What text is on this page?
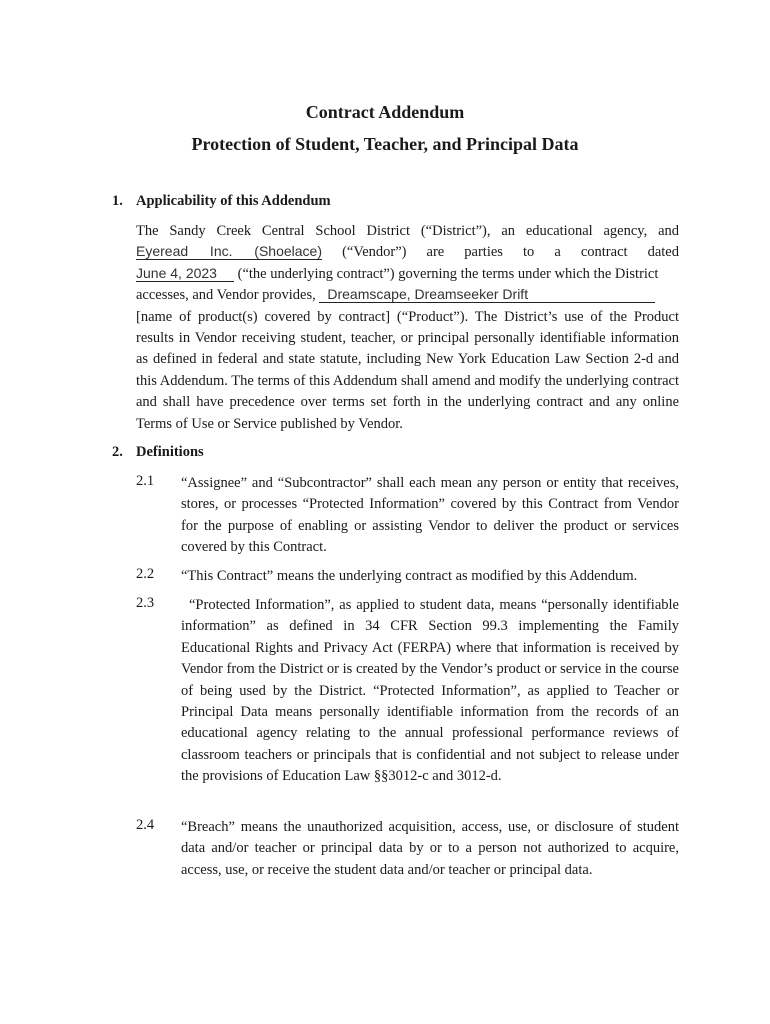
Contract Addendum
Protection of Student, Teacher, and Principal Data
1. Applicability of this Addendum
The Sandy Creek Central School District (“District”), an educational agency, and
Eyeread Inc. (Shoelace) (“Vendor”) are parties to a contract dated
June 4, 2023 (“the underlying contract”) governing the terms under which the District
accesses, and Vendor provides, Dreamscape, Dreamseeker Drift
[name of product(s) covered by contract] (“Product”). The District’s use of the Product results in Vendor receiving student, teacher, or principal personally identifiable information as defined in federal and state statute, including New York Education Law Section 2-d and this Addendum. The terms of this Addendum shall amend and modify the underlying contract and shall have precedence over terms set forth in the underlying contract and any online Terms of Use or Service published by Vendor.
2. Definitions
2.1 “Assignee” and “Subcontractor” shall each mean any person or entity that receives, stores, or processes “Protected Information” covered by this Contract from Vendor for the purpose of enabling or assisting Vendor to deliver the product or services covered by this Contract.
2.2 “This Contract” means the underlying contract as modified by this Addendum.
2.3	“Protected Information”, as applied to student data, means “personally identifiable information” as defined in 34 CFR Section 99.3 implementing the Family Educational Rights and Privacy Act (FERPA) where that information is received by Vendor from the District or is created by the Vendor’s product or service in the course of being used by the District. “Protected Information”, as applied to Teacher or Principal Data means personally identifiable information from the records of an educational agency relating to the annual professional performance reviews of classroom teachers or principals that is confidential and not subject to release under the provisions of Education Law §§3012-c and 3012-d.
2.4 “Breach” means the unauthorized acquisition, access, use, or disclosure of student data and/or teacher or principal data by or to a person not authorized to acquire, access, use, or receive the student data and/or teacher or principal data.
